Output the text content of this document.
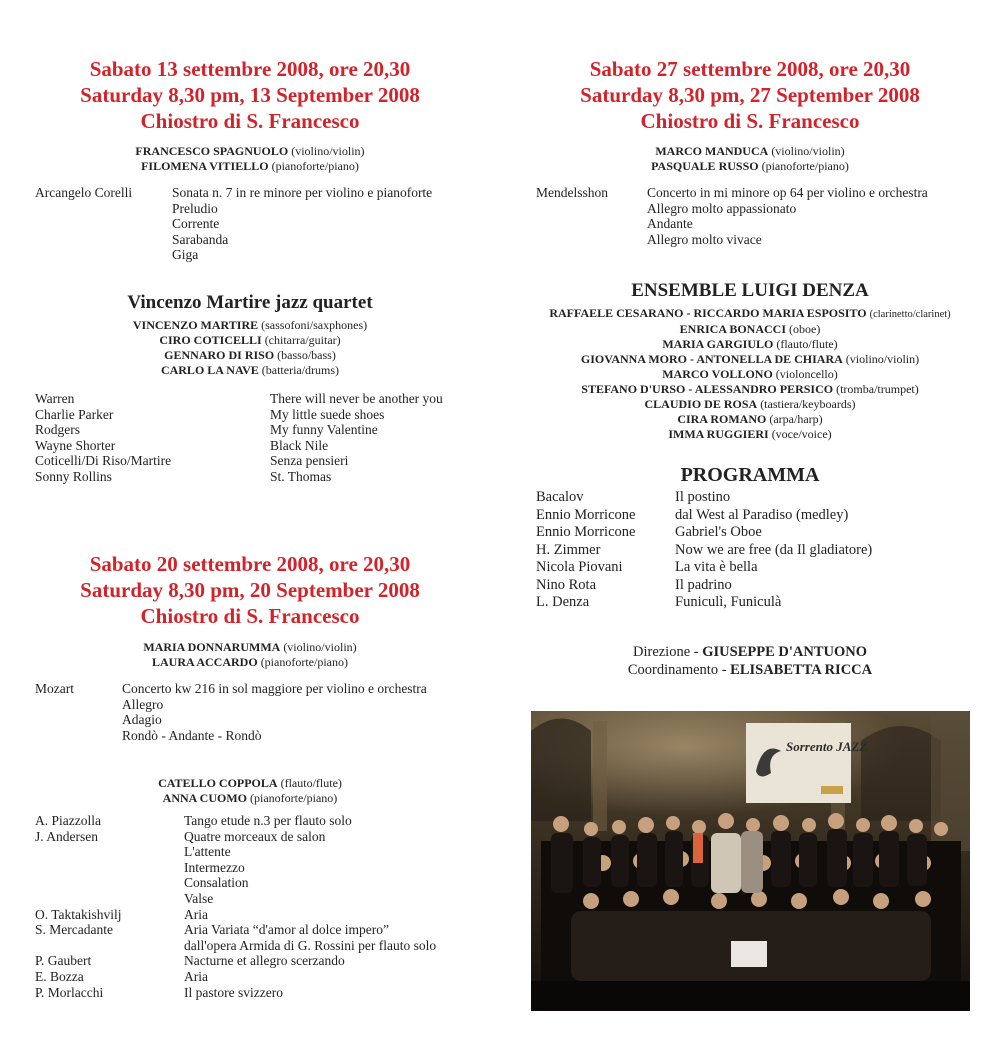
Sabato 13 settembre 2008, ore 20,30
Saturday 8,30 pm, 13 September 2008
Chiostro di S. Francesco
FRANCESCO SPAGNUOLO (violino/violin)
FILOMENA VITIELLO (pianoforte/piano)
Arcangelo Corelli	Sonata n. 7 in re minore per violino e pianoforte
Preludio
Corrente
Sarabanda
Giga
Vincenzo Martire jazz quartet
VINCENZO MARTIRE (sassofoni/saxphones)
CIRO COTICELLI (chitarra/guitar)
GENNARO DI RISO (basso/bass)
CARLO LA NAVE (batteria/drums)
Warren	There will never be another you
Charlie Parker	My little suede shoes
Rodgers	My funny Valentine
Wayne Shorter	Black Nile
Coticelli/Di Riso/Martire	Senza pensieri
Sonny Rollins	St. Thomas
Sabato 20 settembre 2008, ore 20,30
Saturday 8,30 pm, 20 September 2008
Chiostro di S. Francesco
MARIA DONNARUMMA (violino/violin)
LAURA ACCARDO (pianoforte/piano)
Mozart	Concerto kw 216 in sol maggiore per violino e orchestra
Allegro
Adagio
Rondò - Andante - Rondò
CATELLO COPPOLA (flauto/flute)
ANNA CUOMO (pianoforte/piano)
A. Piazzolla	Tango etude n.3 per flauto solo
J. Andersen	Quatre morceaux de salon
L'attente
Intermezzo
Consalation
Valse
O. Taktakishvilj	Aria
S. Mercadante	Aria Variata “d'amor al dolce impero”
dall'opera Armida di G. Rossini per flauto solo
P. Gaubert	Nacturne et allegro scerzando
E. Bozza	Aria
P. Morlacchi	Il pastore svizzero
Sabato 27 settembre 2008, ore 20,30
Saturday 8,30 pm, 27 September 2008
Chiostro di S. Francesco
MARCO MANDUCA (violino/violin)
PASQUALE RUSSO (pianoforte/piano)
Mendelsshon	Concerto in mi minore op 64 per violino e orchestra
Allegro molto appassionato
Andante
Allegro molto vivace
ENSEMBLE LUIGI DENZA
RAFFAELE CESARANO - RICCARDO MARIA ESPOSITO (clarinetto/clarinet)
ENRICA BONACCI (oboe)
MARIA GARGIULO (flauto/flute)
GIOVANNA MORO - ANTONELLA DE CHIARA (violino/violin)
MARCO VOLLONO (violoncello)
STEFANO D'URSO - ALESSANDRO PERSICO (tromba/trumpet)
CLAUDIO DE ROSA (tastiera/keyboards)
CIRA ROMANO (arpa/harp)
IMMA RUGGIERI (voce/voice)
PROGRAMMA
Bacalov	Il postino
Ennio Morricone	dal West al Paradiso (medley)
Ennio Morricone	Gabriel's Oboe
H. Zimmer	Now we are free (da Il gladiatore)
Nicola Piovani	La vita è bella
Nino Rota	Il padrino
L. Denza	Funiculì, Funiculà
Direzione - GIUSEPPE D'ANTUONO
Coordinamento - ELISABETTA RICCA
Sorrento JAZZ
